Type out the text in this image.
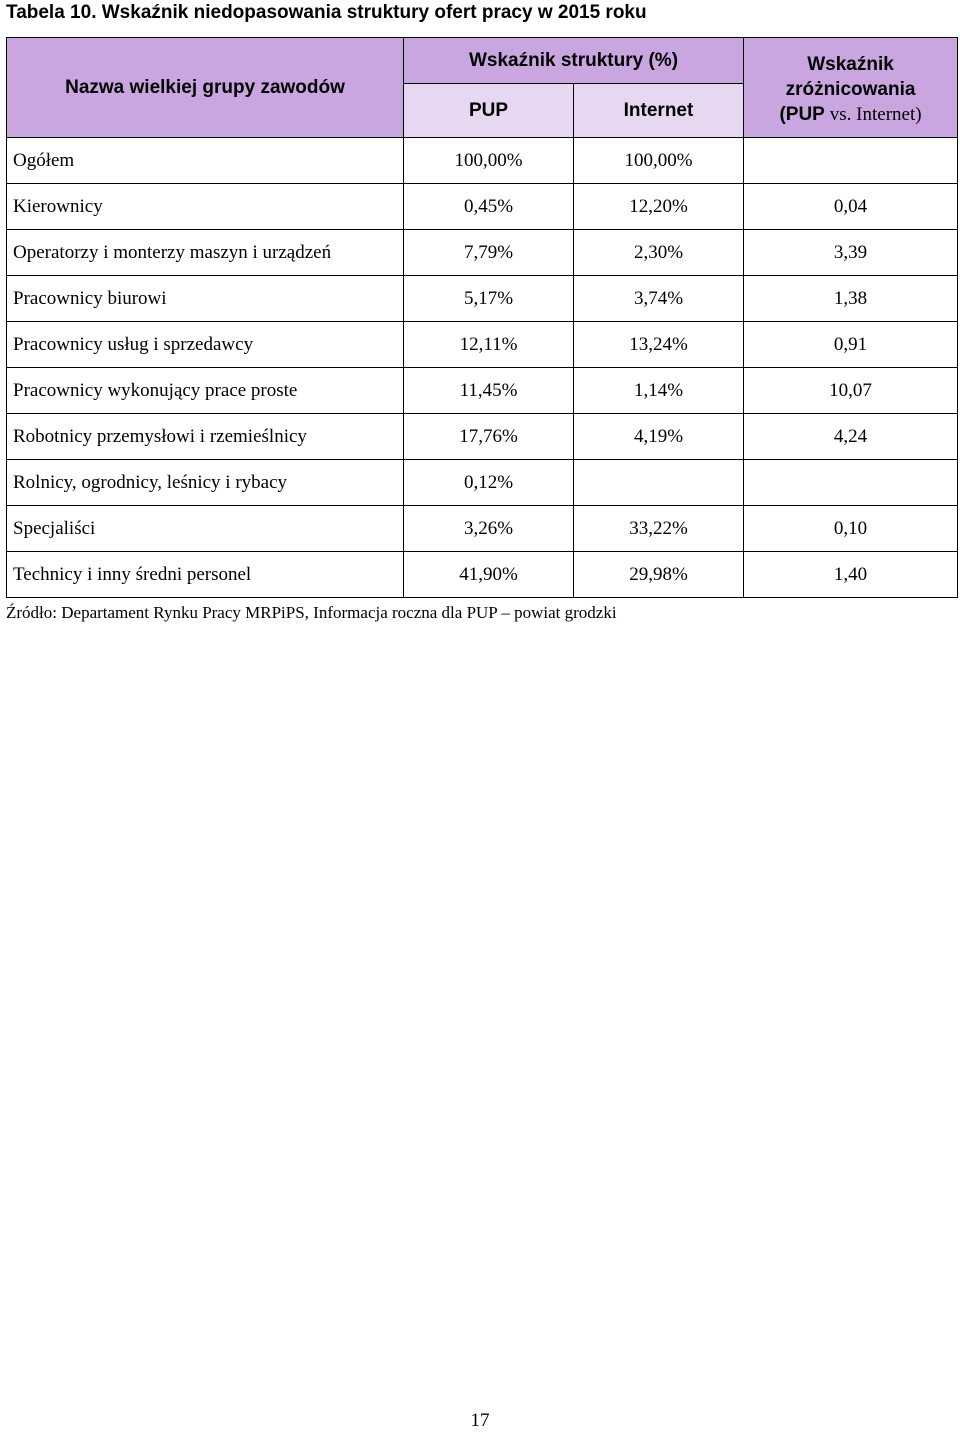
Tabela 10. Wskaźnik niedopasowania struktury ofert pracy w 2015 roku
Nazwa wielkiej grupy zawodów	Wskaźnik struktury (%)		Wskaźnik
zróżnicowania
(PUP vs. Internet)

	PUP	Internet	
Ogółem	100,00%	100,00%	
Kierownicy	0,45%	12,20%	0,04
Operatorzy i monterzy maszyn i urządzeń	7,79%	2,30%	3,39
Pracownicy biurowi	5,17%	3,74%	1,38
Pracownicy usług i sprzedawcy	12,11%	13,24%	0,91
Pracownicy wykonujący prace proste	11,45%	1,14%	10,07
Robotnicy przemysłowi i rzemieślnicy	17,76%	4,19%	4,24
Rolnicy, ogrodnicy, leśnicy i rybacy	0,12%		
Specjaliści	3,26%	33,22%	0,10
Technicy i inny średni personel	41,90%	29,98%	1,40
Źródło: Departament Rynku Pracy MRPiPS, Informacja roczna dla PUP – powiat grodzki
17
